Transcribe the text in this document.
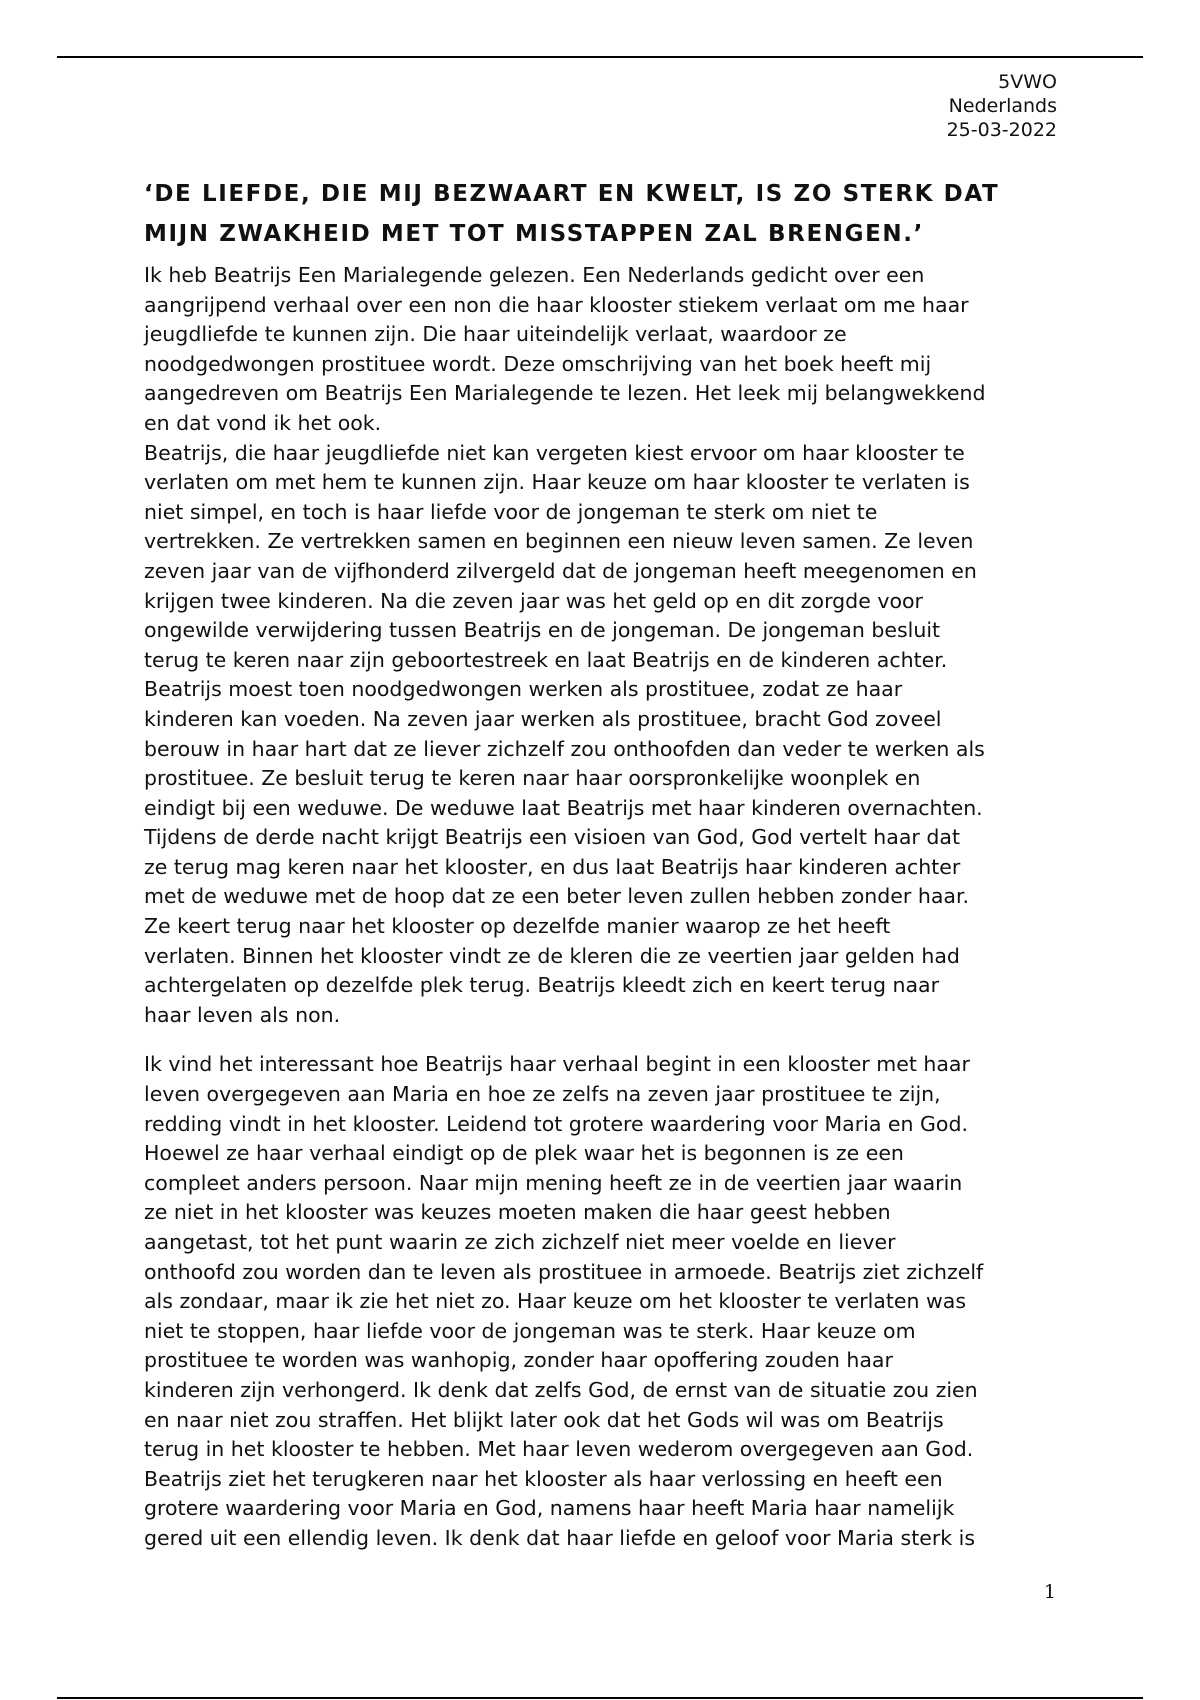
5VWO
Nederlands
25-03-2022
‘DE LIEFDE, DIE MIJ BEZWAART EN KWELT, IS ZO STERK DAT
MIJN ZWAKHEID MET TOT MISSTAPPEN ZAL BRENGEN.’

Ik heb Beatrijs Een Marialegende gelezen. Een Nederlands gedicht over een

aangrijpend verhaal over een non die haar klooster stiekem verlaat om me haar

jeugdliefde te kunnen zijn. Die haar uiteindelijk verlaat, waardoor ze

noodgedwongen prostituee wordt. Deze omschrijving van het boek heeft mij

aangedreven om Beatrijs Een Marialegende te lezen. Het leek mij belangwekkend

en dat vond ik het ook.

Beatrijs, die haar jeugdliefde niet kan vergeten kiest ervoor om haar klooster te

verlaten om met hem te kunnen zijn. Haar keuze om haar klooster te verlaten is

niet simpel, en toch is haar liefde voor de jongeman te sterk om niet te

vertrekken. Ze vertrekken samen en beginnen een nieuw leven samen. Ze leven

zeven jaar van de vijfhonderd zilvergeld dat de jongeman heeft meegenomen en

krijgen twee kinderen. Na die zeven jaar was het geld op en dit zorgde voor

ongewilde verwijdering tussen Beatrijs en de jongeman. De jongeman besluit

terug te keren naar zijn geboortestreek en laat Beatrijs en de kinderen achter.

Beatrijs moest toen noodgedwongen werken als prostituee, zodat ze haar

kinderen kan voeden. Na zeven jaar werken als prostituee, bracht God zoveel

berouw in haar hart dat ze liever zichzelf zou onthoofden dan veder te werken als

prostituee. Ze besluit terug te keren naar haar oorspronkelijke woonplek en

eindigt bij een weduwe. De weduwe laat Beatrijs met haar kinderen overnachten.

Tijdens de derde nacht krijgt Beatrijs een visioen van God, God vertelt haar dat

ze terug mag keren naar het klooster, en dus laat Beatrijs haar kinderen achter

met de weduwe met de hoop dat ze een beter leven zullen hebben zonder haar.

Ze keert terug naar het klooster op dezelfde manier waarop ze het heeft

verlaten. Binnen het klooster vindt ze de kleren die ze veertien jaar gelden had

achtergelaten op dezelfde plek terug. Beatrijs kleedt zich en keert terug naar

haar leven als non.

Ik vind het interessant hoe Beatrijs haar verhaal begint in een klooster met haar

leven overgegeven aan Maria en hoe ze zelfs na zeven jaar prostituee te zijn,

redding vindt in het klooster. Leidend tot grotere waardering voor Maria en God.

Hoewel ze haar verhaal eindigt op de plek waar het is begonnen is ze een

compleet anders persoon. Naar mijn mening heeft ze in de veertien jaar waarin

ze niet in het klooster was keuzes moeten maken die haar geest hebben

aangetast, tot het punt waarin ze zich zichzelf niet meer voelde en liever

onthoofd zou worden dan te leven als prostituee in armoede. Beatrijs ziet zichzelf

als zondaar, maar ik zie het niet zo. Haar keuze om het klooster te verlaten was

niet te stoppen, haar liefde voor de jongeman was te sterk. Haar keuze om

prostituee te worden was wanhopig, zonder haar opoffering zouden haar

kinderen zijn verhongerd. Ik denk dat zelfs God, de ernst van de situatie zou zien

en naar niet zou straffen. Het blijkt later ook dat het Gods wil was om Beatrijs

terug in het klooster te hebben. Met haar leven wederom overgegeven aan God.

Beatrijs ziet het terugkeren naar het klooster als haar verlossing en heeft een

grotere waardering voor Maria en God, namens haar heeft Maria haar namelijk

gered uit een ellendig leven. Ik denk dat haar liefde en geloof voor Maria sterk is

1
